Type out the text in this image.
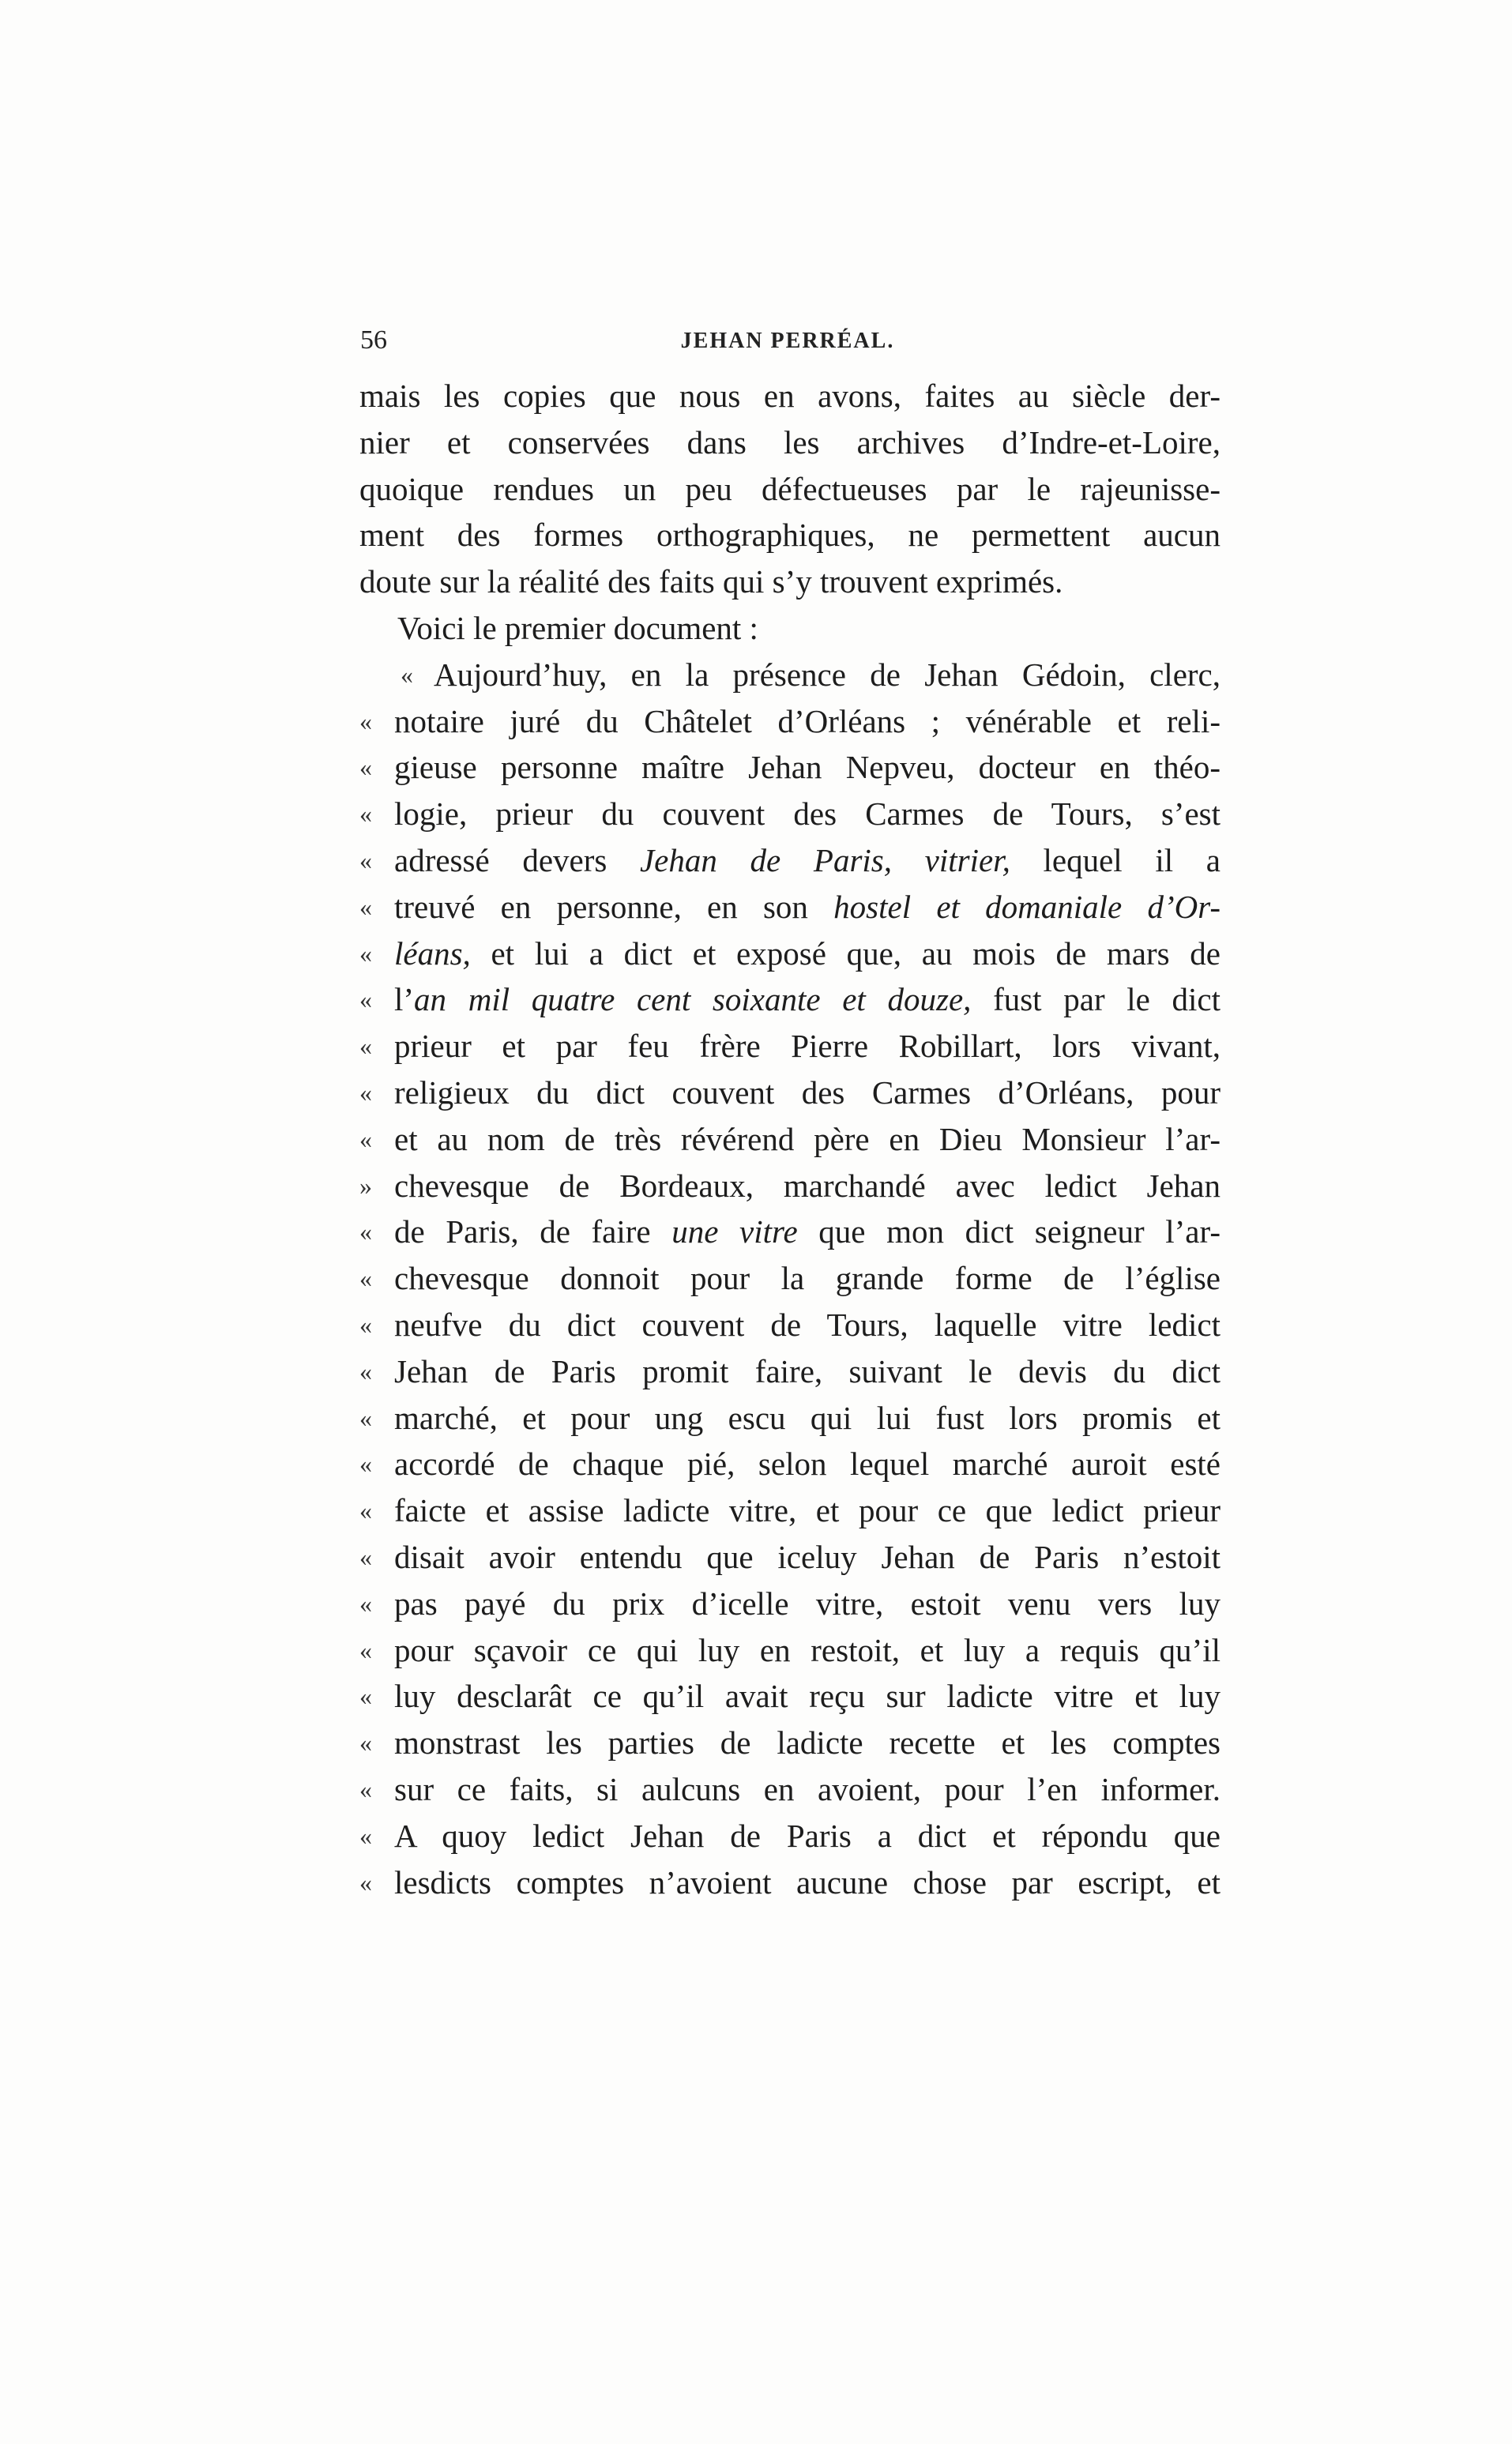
56	JEHAN PERRÉAL.
mais les copies que nous en avons, faites au siècle der-
nier et conservées dans les archives d’Indre-et-Loire,
quoique rendues un peu défectueuses par le rajeunisse-
ment des formes orthographiques, ne permettent aucun
doute sur la réalité des faits qui s’y trouvent exprimés.
Voici le premier document :
« Aujourd’huy, en la présence de Jehan Gédoin, clerc,
« notaire juré du Châtelet d’Orléans ; vénérable et reli-
« gieuse personne maître Jehan Nepveu, docteur en théo-
« logie, prieur du couvent des Carmes de Tours, s’est
« adressé devers Jehan de Paris, vitrier, lequel il a
« treuvé en personne, en son hostel et domaniale d’Or-
« léans, et lui a dict et exposé que, au mois de mars de
« l’an mil quatre cent soixante et douze, fust par le dict
« prieur et par feu frère Pierre Robillart, lors vivant,
« religieux du dict couvent des Carmes d’Orléans, pour
« et au nom de très révérend père en Dieu Monsieur l’ar-
» chevesque de Bordeaux, marchandé avec ledict Jehan
« de Paris, de faire une vitre que mon dict seigneur l’ar-
« chevesque donnoit pour la grande forme de l’église
« neufve du dict couvent de Tours, laquelle vitre ledict
« Jehan de Paris promit faire, suivant le devis du dict
« marché, et pour ung escu qui lui fust lors promis et
« accordé de chaque pié, selon lequel marché auroit esté
« faicte et assise ladicte vitre, et pour ce que ledict prieur
« disait avoir entendu que iceluy Jehan de Paris n’estoit
« pas payé du prix d’icelle vitre, estoit venu vers luy
« pour sçavoir ce qui luy en restoit, et luy a requis qu’il
« luy desclarât ce qu’il avait reçu sur ladicte vitre et luy
« monstrast les parties de ladicte recette et les comptes
« sur ce faits, si aulcuns en avoient, pour l’en informer.
« A quoy ledict Jehan de Paris a dict et répondu que
« lesdicts comptes n’avoient aucune chose par escript, et
